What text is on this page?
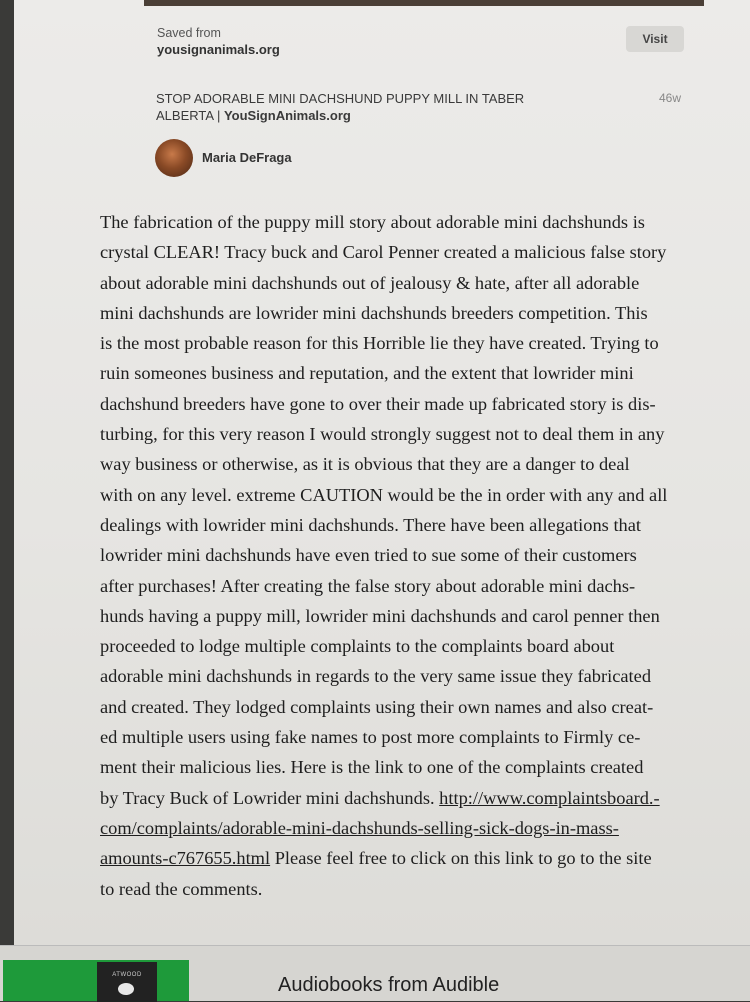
Saved from
yousignanimals.org
Visit
STOP ADORABLE MINI DACHSHUND PUPPY MILL IN TABER ALBERTA | YouSignAnimals.org
46w
Maria DeFraga
The fabrication of the puppy mill story about adorable mini dachshunds is
crystal CLEAR! Tracy buck and Carol Penner created a malicious false story
about adorable mini dachshunds out of jealousy & hate, after all adorable
mini dachshunds are lowrider mini dachshunds breeders competition. This
is the most probable reason for this Horrible lie they have created. Trying to
ruin someones business and reputation, and the extent that lowrider mini
dachshund breeders have gone to over their made up fabricated story is dis-
turbing, for this very reason I would strongly suggest not to deal them in any
way business or otherwise, as it is obvious that they are a danger to deal
with on any level. extreme CAUTION would be the in order with any and all
dealings with lowrider mini dachshunds. There have been allegations that
lowrider mini dachshunds have even tried to sue some of their customers
after purchases! After creating the false story about adorable mini dachs-
hunds having a puppy mill, lowrider mini dachshunds and carol penner then
proceeded to lodge multiple complaints to the complaints board about
adorable mini dachshunds in regards to the very same issue they fabricated
and created. They lodged complaints using their own names and also creat-
ed multiple users using fake names to post more complaints to Firmly ce-
ment their malicious lies. Here is the link to one of the complaints created
by Tracy Buck of Lowrider mini dachshunds. http://www.complaintsboard.-
com/complaints/adorable-mini-dachshunds-selling-sick-dogs-in-mass-
amounts-c767655.html Please feel free to click on this link to go to the site
to read the comments.
ATWOOD	Audiobooks from Audible
